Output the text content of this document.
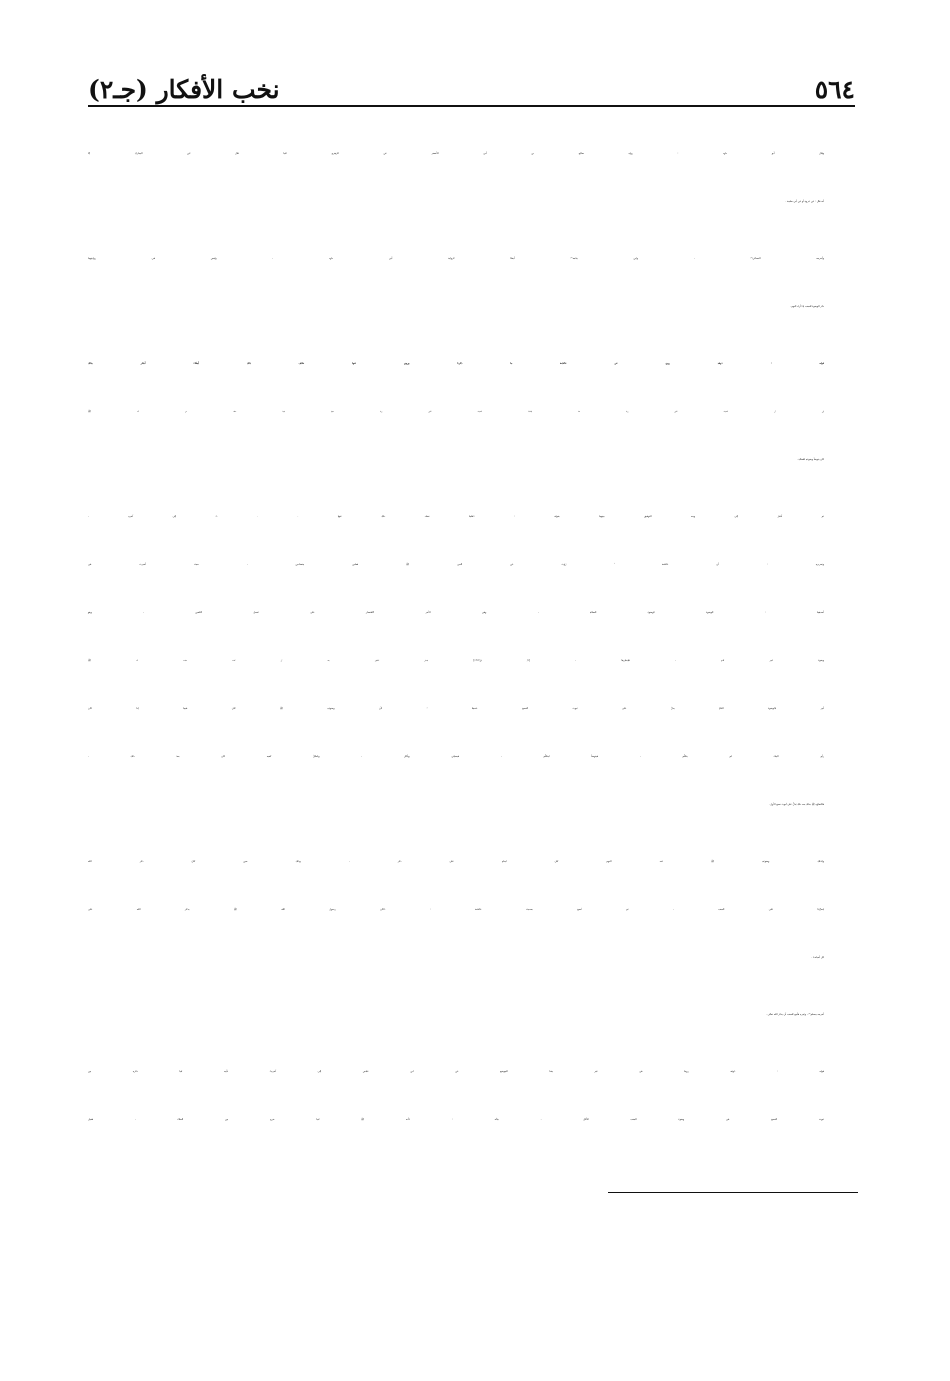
٥٦٤
نخب الأفكار (جـ٢)
وقال أبو داود : رواه صالح بن أبي الأخضر عن الزهري كما قال ابن المبارك إلا
أنه قال : عن عروة أو عن أبي سلمة .
وأخرجه النسائي⁽¹⁾ ، وابن ماجه⁽²⁾ أيضًا كرواية أبي داود ، وليس في روايتهما
ذكر الوضوء للجنب إذا أراد النوم .
قوله : «وقد روي عن عائشة ما ذكرنا وروي عنها خلاف ذلك أيضًا» أشار بذلك
إلى أن الحديث الذي رواه هنا يُضَادِدُ الحديث الذي رواه عنها فيما سلف من أنه ﷺ
كان يتوضأ وضوءه للصلاة .
ثم أشار إلى وجه التوفيق بينهما بقوله : «فلما تضاد ذلك عنها . . .» إلى آخره ،
وتحريره : أن عائشة ؓ رَوَت عن النبي ﷺ فعلين متضادين ، حيث أخبرت في
أحدهما : الوضوء كوضوء الصلاة ، وفي الآخر الاقتصار على غسل الكفين ، وهو
وضوء غير تام ، فإخبارها ، [١/ ق٢١٢-أ] بغسل الكفين بعد أن كانت علمت أنه ﷺ
أمر بالوضوء التامّ يدلّ على ثبوت النسخ عندها ؛ لأن وضوءه ﷺ كان فيما إذا كان
رأى الماء لم يتكلّم ، فيتوضأ ليتكلّم ، فيسمّي ويأكل ، وغَسْلُ كفيه كان بعدَ ذلك ،
فاكتفاؤه ﷺ بذلك بعد ذلك يَدلُّ على ثُبوت نسخ الأول .
وكذلك وضوءه ﷺ عند النوم كان لينام على ذكر ، وذلك حين كانَ ذكر الله
مُحرَّمًا على الجنب ، ثم نُسخ بحديث عائشة : «كان رسول الله ﷺ يذكر الله على
كل أحيانه» .
أخرجه مسلم⁽³⁾ ، وغيره فأبيح للجنب أن يذكر الله تعالى .
قوله : «وقد روينا في غير هذا الموضع عن ابن عباس إلى آخره» تأييد لما ذكره من
ثبوت النسخ في وضوء الجنب للأكل ، بيانُه : «أنه ﷺ لما خرج من الخلاء ، فقيل
